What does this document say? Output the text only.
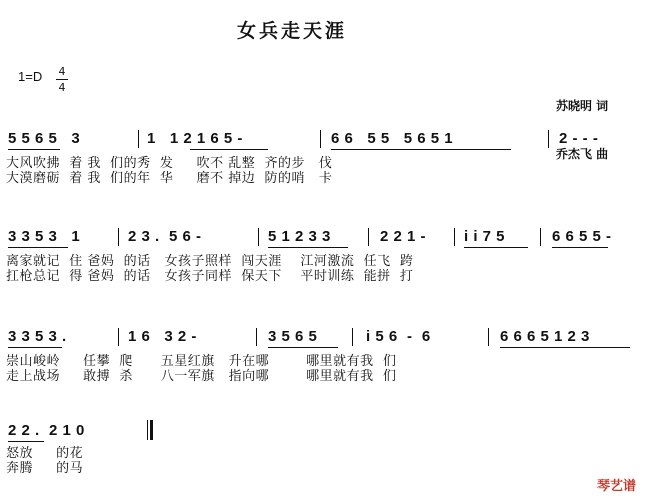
女兵走天涯
1=D 4
4

苏晓明 词

乔杰飞 曲

5 5 6 5   3	1   1 2 1 6 5 -	6 6   5 5   5 6 5 1	2 - - -
大风吹拂  着 我  们的秀  发     吹不 乱整  齐的步   伐
大漠磨砺  着 我  们的年  华     磨不 掉边  防的哨   卡
3 3 5 3   1	2 3 .  5 6 -	5 1 2 3 3	2 2 1 -	i i 7 5	6 6 5 5 -
离家就记  住 爸妈  的话   女孩子照样  闯天涯    江河激流  任飞  跨
扛枪总记  得 爸妈  的话   女孩子同样  保天下    平时训练  能拼  打
3 3 5 3 .	1 6   3 2 -	3 5 6 5	i 5 6  -  6	6 6 6 5 1 2 3
崇山峻岭     任攀  爬      五星红旗   升在哪        哪里就有我  们
走上战场     敢搏  杀      八一军旗   指向哪        哪里就有我  们
2 2 .  2 1 0
怒放     的花
奔腾     的马
琴艺谱
